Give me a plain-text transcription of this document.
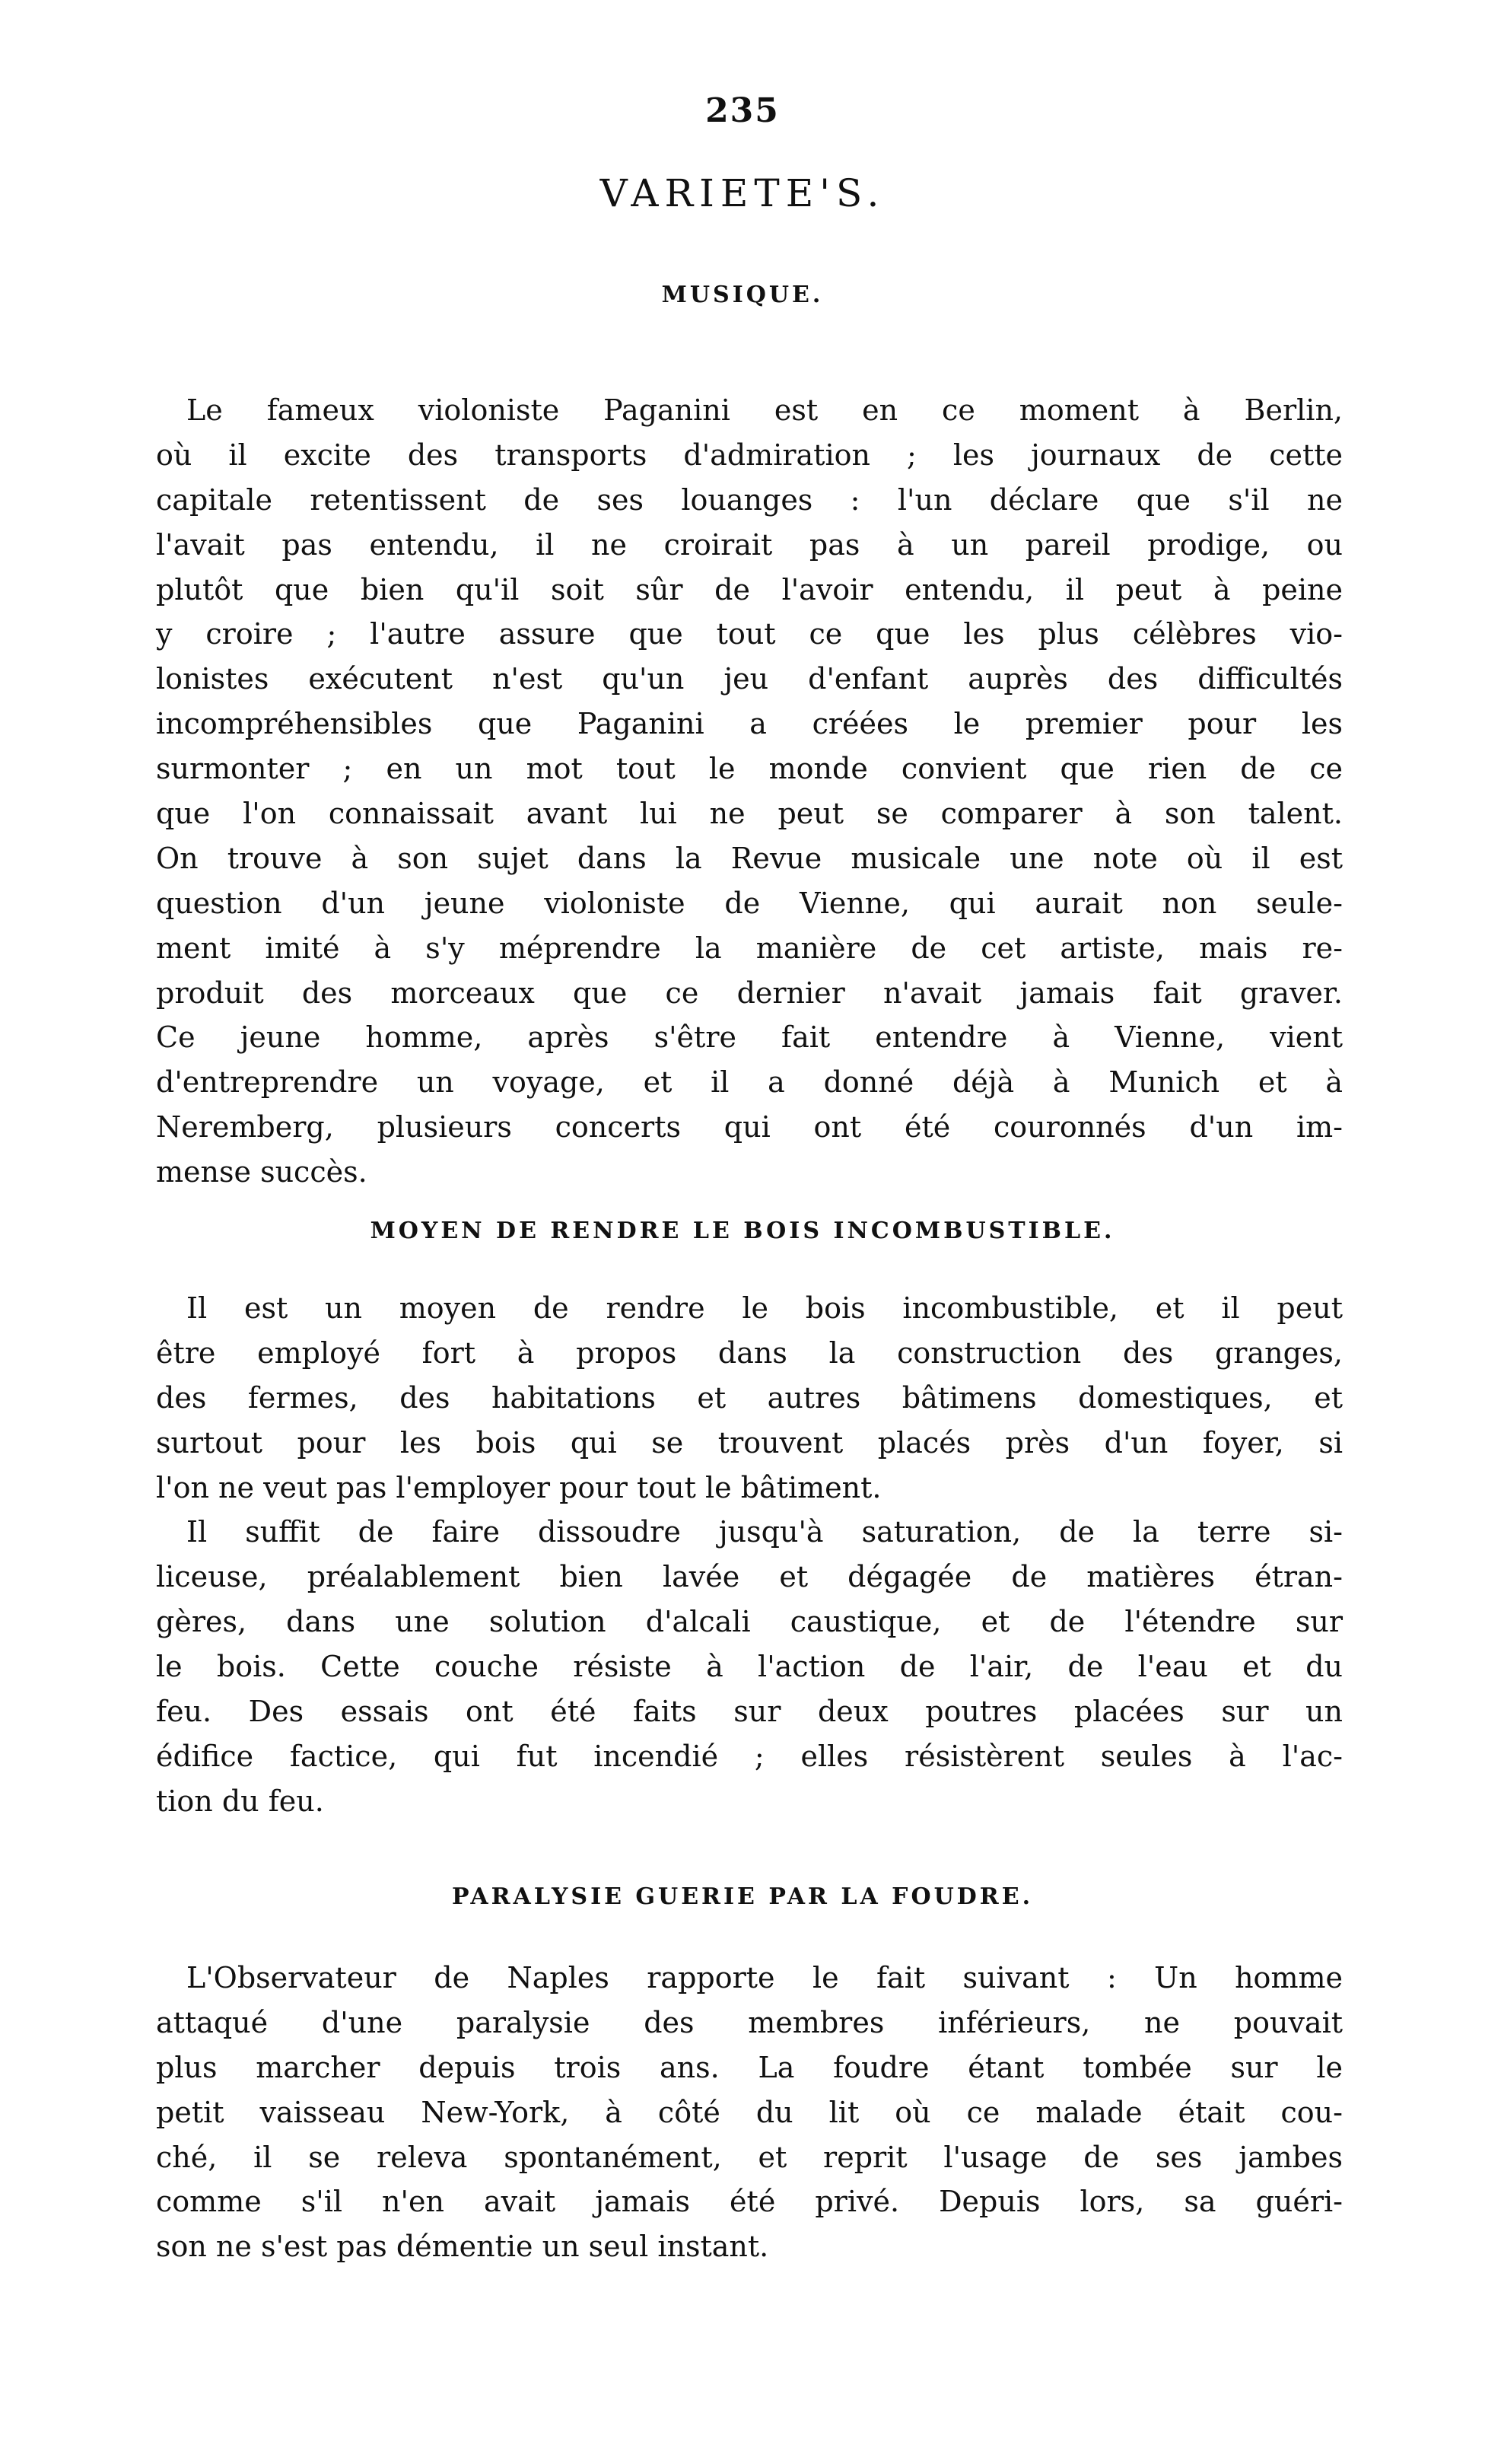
235
VARIETE'S.
MUSIQUE.
Le fameux violoniste Paganini est en ce moment à Berlin,
où il excite des transports d'admiration ; les journaux de cette
capitale retentissent de ses louanges : l'un déclare que s'il ne
l'avait pas entendu, il ne croirait pas à un pareil prodige, ou
plutôt que bien qu'il soit sûr de l'avoir entendu, il peut à peine
y croire ; l'autre assure que tout ce que les plus célèbres vio-
lonistes exécutent n'est qu'un jeu d'enfant auprès des difficultés
incompréhensibles que Paganini a créées le premier pour les
surmonter ; en un mot tout le monde convient que rien de ce
que l'on connaissait avant lui ne peut se comparer à son talent.
On trouve à son sujet dans la Revue musicale une note où il est
question d'un jeune violoniste de Vienne, qui aurait non seule-
ment imité à s'y méprendre la manière de cet artiste, mais re-
produit des morceaux que ce dernier n'avait jamais fait graver.
Ce jeune homme, après s'être fait entendre à Vienne, vient
d'entreprendre un voyage, et il a donné déjà à Munich et à
Neremberg, plusieurs concerts qui ont été couronnés d'un im-
mense succès.
MOYEN DE RENDRE LE BOIS INCOMBUSTIBLE.
Il est un moyen de rendre le bois incombustible, et il peut
être employé fort à propos dans la construction des granges,
des fermes, des habitations et autres bâtimens domestiques, et
surtout pour les bois qui se trouvent placés près d'un foyer, si
l'on ne veut pas l'employer pour tout le bâtiment.
Il suffit de faire dissoudre jusqu'à saturation, de la terre si-
liceuse, préalablement bien lavée et dégagée de matières étran-
gères, dans une solution d'alcali caustique, et de l'étendre sur
le bois. Cette couche résiste à l'action de l'air, de l'eau et du
feu. Des essais ont été faits sur deux poutres placées sur un
édifice factice, qui fut incendié ; elles résistèrent seules à l'ac-
tion du feu.
PARALYSIE GUERIE PAR LA FOUDRE.
L'Observateur de Naples rapporte le fait suivant : Un homme
attaqué d'une paralysie des membres inférieurs, ne pouvait
plus marcher depuis trois ans. La foudre étant tombée sur le
petit vaisseau New-York, à côté du lit où ce malade était cou-
ché, il se releva spontanément, et reprit l'usage de ses jambes
comme s'il n'en avait jamais été privé. Depuis lors, sa guéri-
son ne s'est pas démentie un seul instant.
